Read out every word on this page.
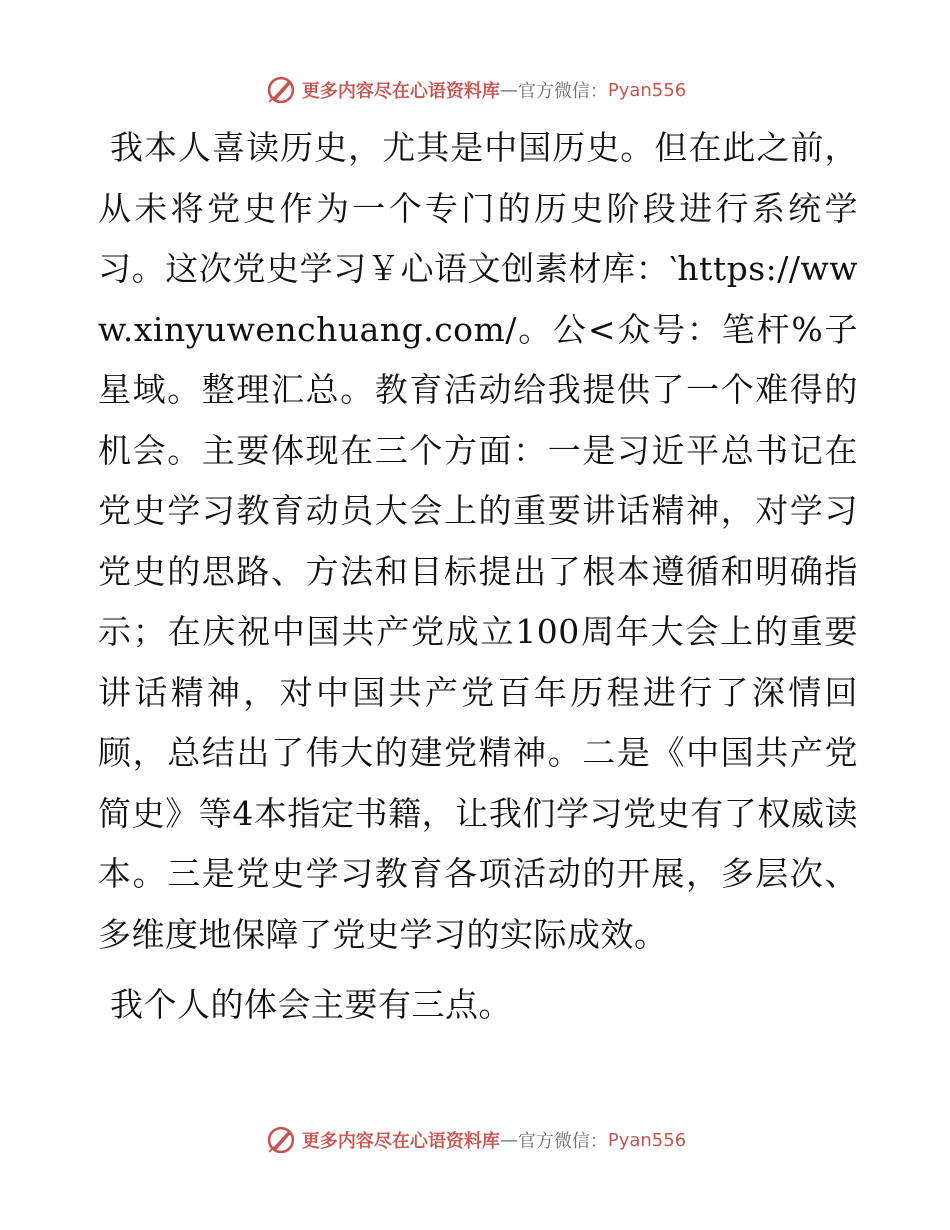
更多内容尽在心语资料库 — 官方微信： Pyan556

我本人喜读历史，尤其是中国历史。但在此之前，从未将党史作为一个专门的历史阶段进行系统学习。这次党史学习￥心语文创素材库：‵https://www.xinyuwenchuang.com/。公<众号：笔杆%子星域。整理汇总。教育活动给我提供了一个难得的机会。主要体现在三个方面：一是习近平总书记在党史学习教育动员大会上的重要讲话精神，对学习党史的思路、方法和目标提出了根本遵循和明确指示；在庆祝中国共产党成立100周年大会上的重要讲话精神，对中国共产党百年历程进行了深情回顾，总结出了伟大的建党精神。二是《中国共产党简史》等4本指定书籍，让我们学习党史有了权威读本。三是党史学习教育各项活动的开展，多层次、多维度地保障了党史学习的实际成效。

我个人的体会主要有三点。

更多内容尽在心语资料库 — 官方微信： Pyan556
